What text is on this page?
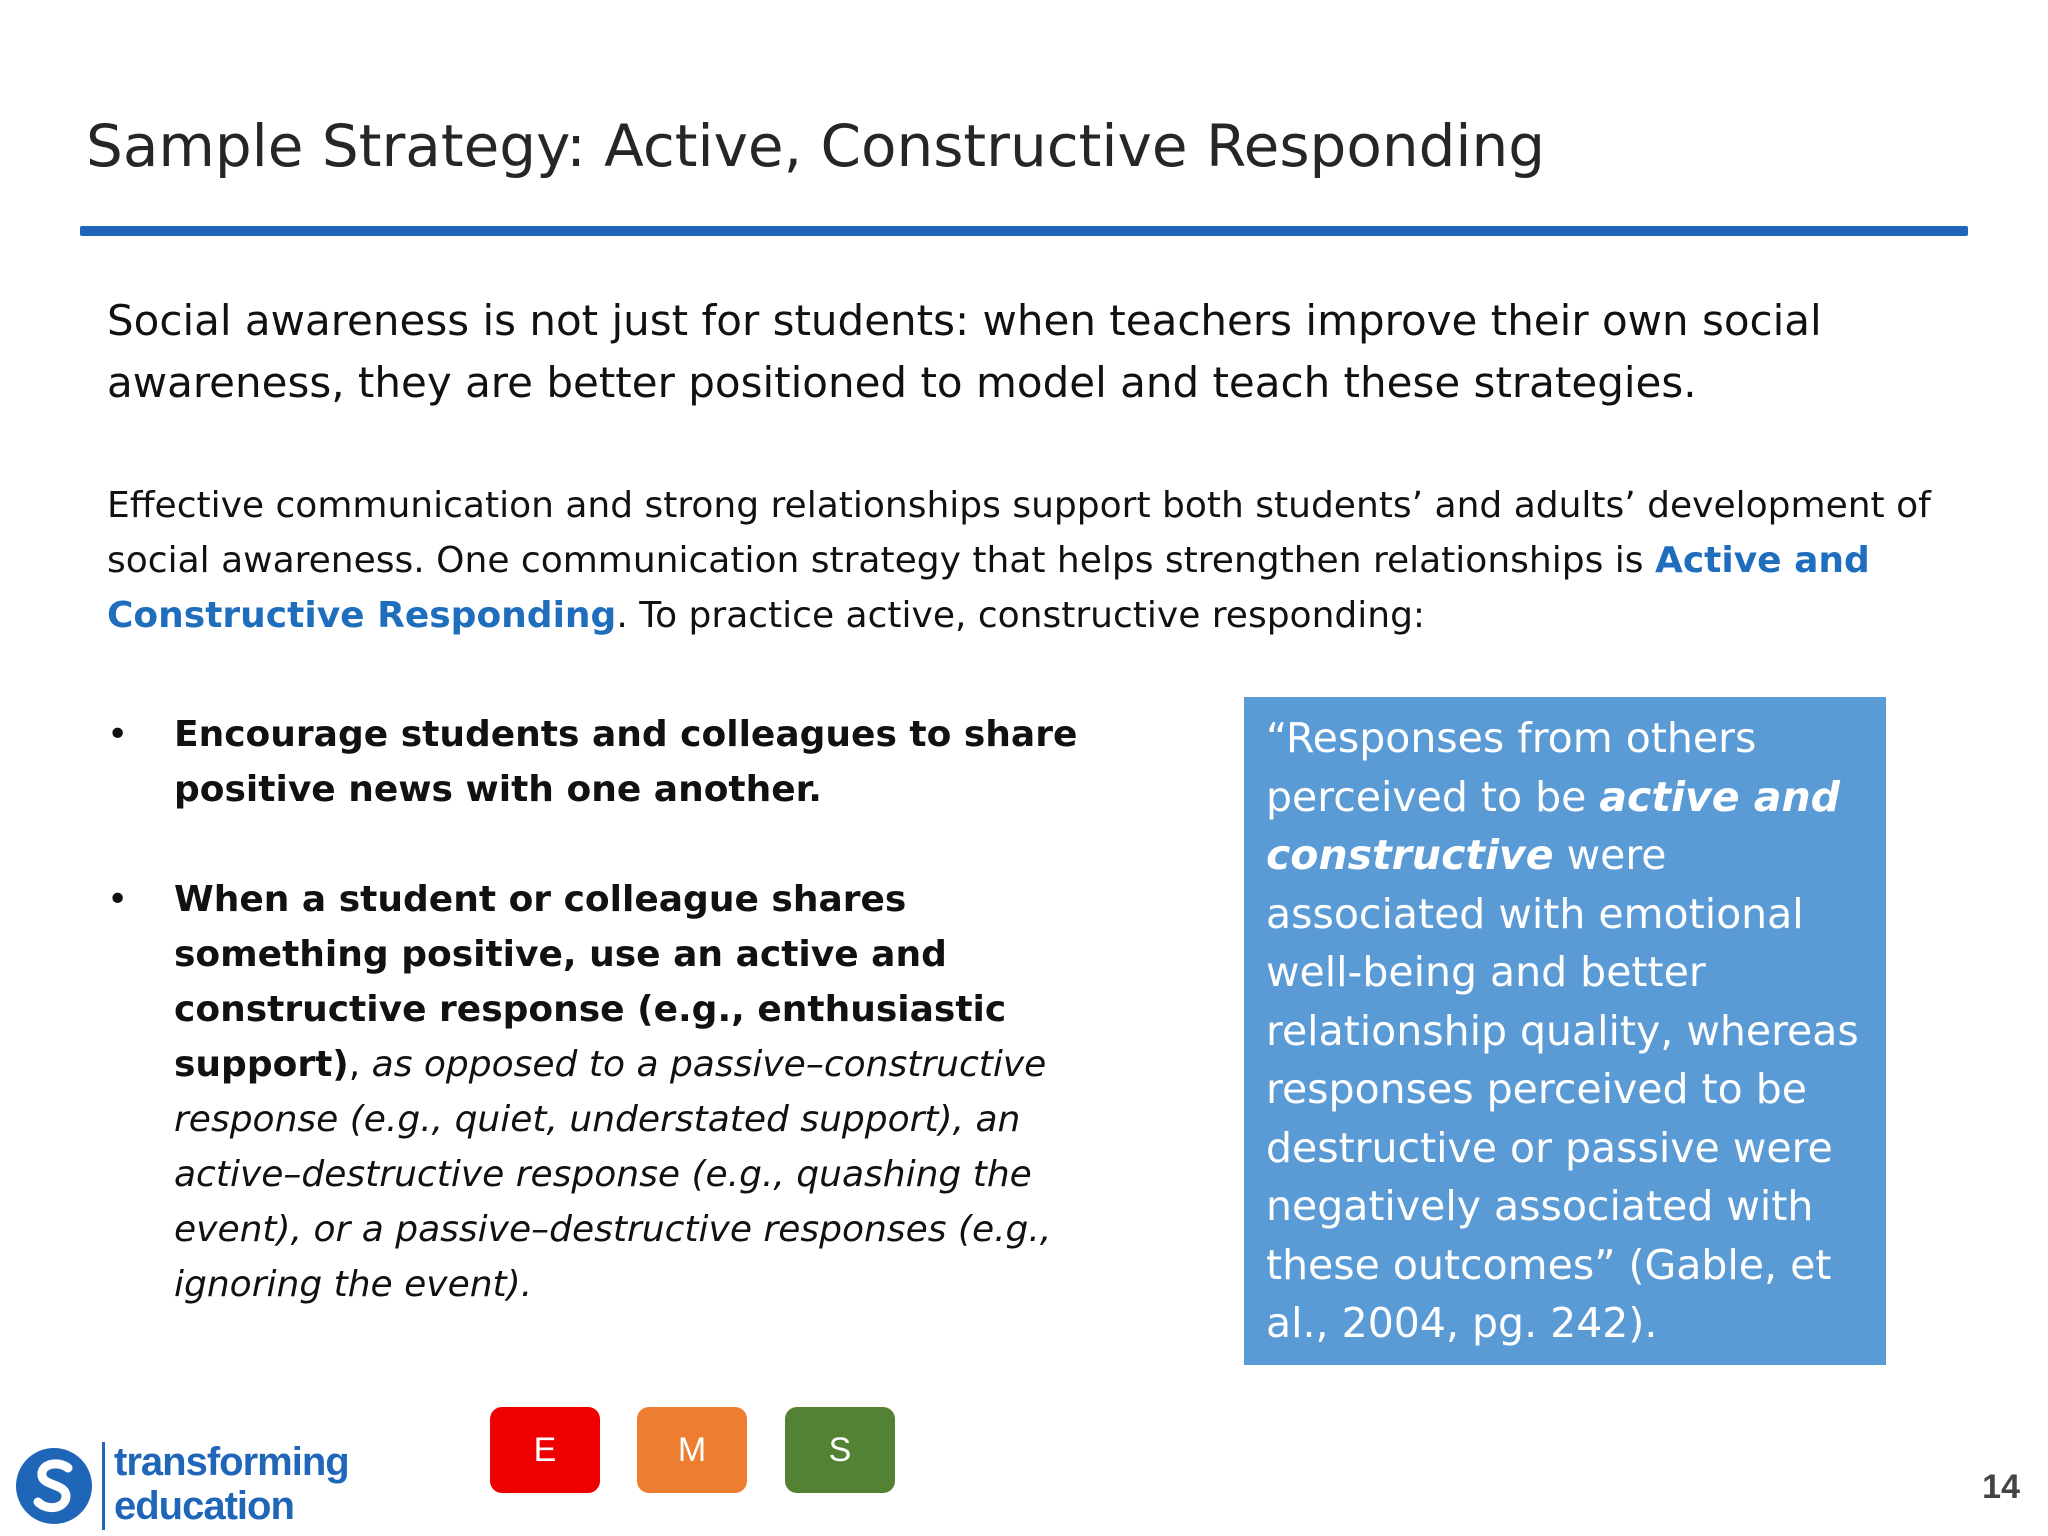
Sample Strategy: Active, Constructive Responding

Social awareness is not just for students: when teachers improve their own social awareness, they are better positioned to model and teach these strategies.

Effective communication and strong relationships support both students’ and adults’ development of social awareness. One communication strategy that helps strengthen relationships is Active and Constructive Responding. To practice active, constructive responding:

• Encourage students and colleagues to share positive news with one another.
• When a student or colleague shares something positive, use an active and constructive response (e.g., enthusiastic support), as opposed to a passive–constructive response (e.g., quiet, understated support), an active–destructive response (e.g., quashing the event), or a passive–destructive responses (e.g., ignoring the event).
“Responses from others perceived to be active and constructive were associated with emotional well-being and better relationship quality, whereas responses perceived to be destructive or passive were negatively associated with these outcomes” (Gable, et al., 2004, pg. 242).
E	M	S
transforming
education	14
